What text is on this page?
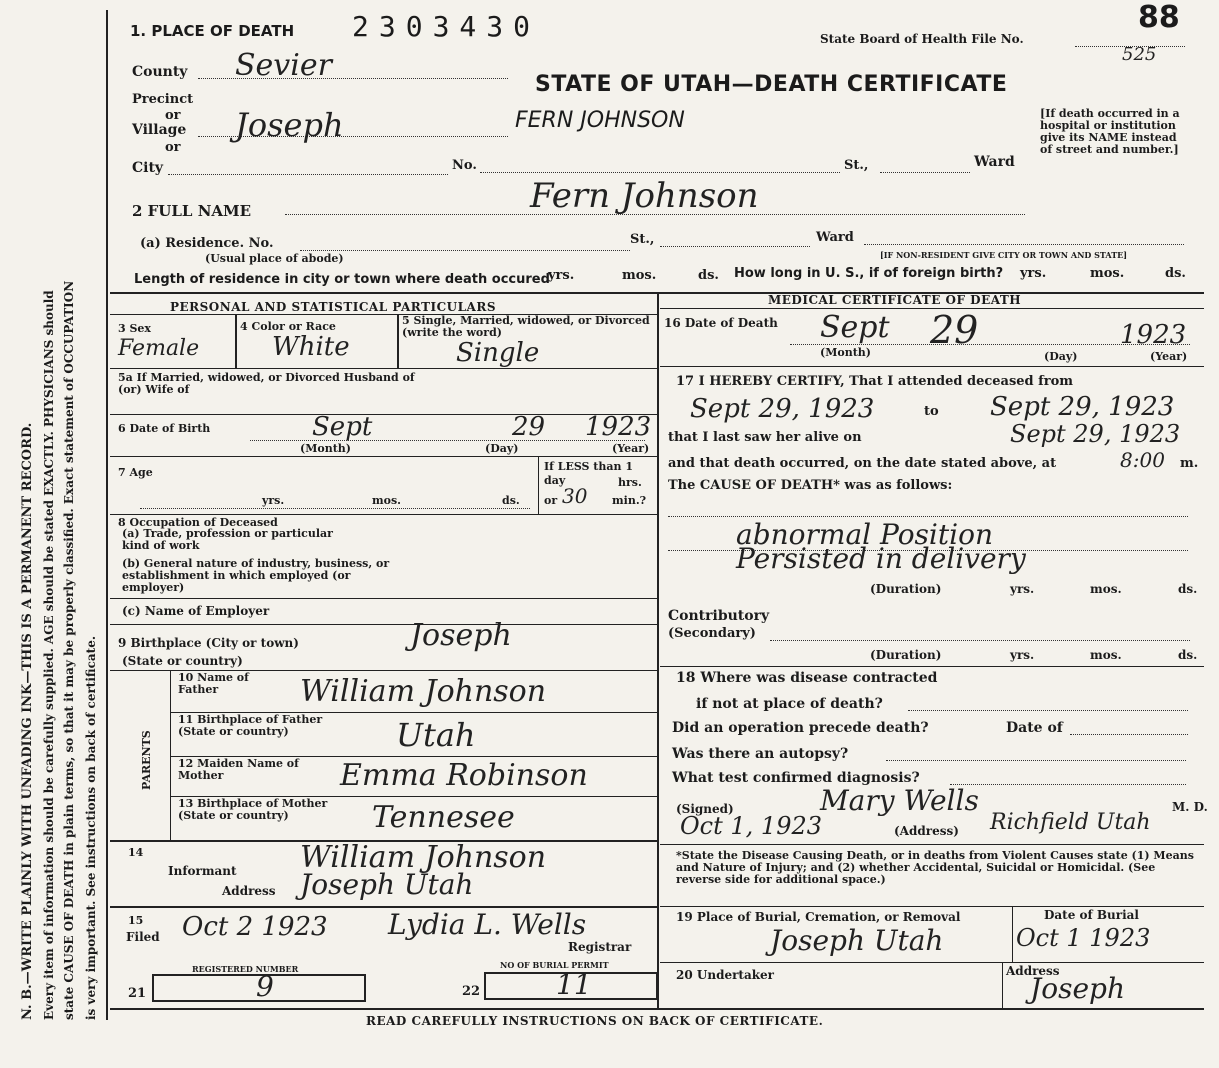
N. B.—WRITE PLAINLY WITH UNFADING INK—THIS IS A PERMANENT RECORD. Every item of information should be carefully supplied. AGE should be stated EXACTLY. PHYSICIANS should state CAUSE OF DEATH in plain terms, so that it may be properly classified. Exact statement of OCCUPATION is very important. See instructions on back of certificate.
1. PLACE OF DEATH 2303430	88
State Board of Health File No.
525
STATE OF UTAH—DEATH CERTIFICATE
[If death occurred in a hospital or institution give its NAME instead of street and number.]
County Sevier
Precinct
or
Village Joseph	FERN JOHNSON
or
City	No.	St.,	Ward
2 FULL NAME	Fern Johnson
(a) Residence. No.	St.,	Ward
(Usual place of abode)	[IF NON-RESIDENT GIVE CITY OR TOWN AND STATE]
Length of residence in city or town where death occured
yrs.	mos.	ds. How long in U. S., if of foreign birth? yrs.	mos.	ds.
PERSONAL AND STATISTICAL PARTICULARS	MEDICAL CERTIFICATE OF DEATH
3 Sex
Female
4 Color or Race
White
5 Single, Married, widowed, or Divorced (write the word)
Single
5a If Married, widowed, or Divorced Husband of (or) Wife of
6 Date of Birth	Sept	29 1923
(Month)	(Day)	(Year)
7 Age
yrs.	mos.	ds.
If LESS than 1 day	hrs.
or 30 min.?
8 Occupation of Deceased
(a) Trade, profession or particular kind of work
(b) General nature of industry, business, or establishment in which employed (or employer)
(c) Name of Employer
9 Birthplace (City or town)
(State or country)
Joseph
PARENTS
10 Name of Father	William Johnson
11 Birthplace of Father (State or country)	Utah
12 Maiden Name of Mother	Emma Robinson
13 Birthplace of Mother (State or country)	Tennesee
14
Informant William Johnson
Address Joseph Utah
15
Filed Oct 2 1923 Lydia L. Wells
Registrar
REGISTERED NUMBER
21	9
NO OF BURIAL PERMIT
22	11
16 Date of Death Sept 29	1923
(Month)	(Day)	(Year)
17 I HEREBY CERTIFY, That I attended deceased from
Sept 29, 1923	to Sept 29, 1923
that I last saw her alive on	Sept 29, 1923
and that death occurred, on the date stated above, at	8:00 m.
The CAUSE OF DEATH* was as follows:
abnormal Position
Persisted in delivery
(Duration)	yrs.	mos.	ds.
Contributory
(Secondary)
(Duration)	yrs.	mos.	ds.
18 Where was disease contracted
if not at place of death?
Did an operation precede death?	Date of
Was there an autopsy?
What test confirmed diagnosis?
(Signed)	Mary Wells	M. D.
Oct 1, 1923	(Address) Richfield Utah
*State the Disease Causing Death, or in deaths from Violent Causes state (1) Means and Nature of Injury; and (2) whether Accidental, Suicidal or Homicidal. (See reverse side for additional space.)
19 Place of Burial, Cremation, or Removal
Joseph Utah
Date of Burial
Oct 1 1923
20 Undertaker	Address
Joseph
READ CAREFULLY INSTRUCTIONS ON BACK OF CERTIFICATE.
